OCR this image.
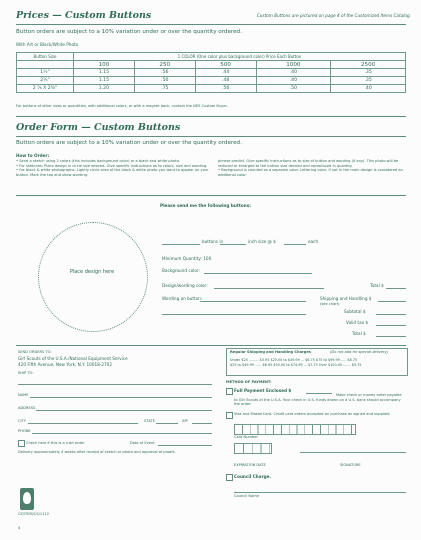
Prices — Custom Buttons	Custom Buttons are pictured on page 4 of the Customized Items Catalog.
Button orders are subject to a 10% variation under or over the quantity ordered.
With Art or Black/White Photo
Button Size	1 COLOR (One color plus background color) Price Each Button				
	100	250	500	1000	2500
1½"	1.15	.56	.44	.40	.35
2¼"	1.15	.50	.48	.40	.35
2 ⅞ X 2⅜"	1.20	.75	.56	.50	.40
For buttons of other sizes or quantities, with additional colors, or with a magnet back, contact the NES Custom Buyer.
Order Form — Custom Buttons
Button orders are subject to a 10% variation under or over the quantity ordered.
How to Order:
• Send a sketch using 2 colors (this includes background color) or a black and white photo.
• For sketches: Place design in circle size desired. Give specific instructions as to colors, size and wording.
• For black & white photographs: Lightly circle area of the black & white photo you want to appear on your button. Mark the top and show wording.
phrase predict. Give specific instructions as to size of button and wording (if any). This photo will be reduced or enlarged to the button size desired and reproduced in quantity.
• Background is counted as a separate color. Lettering color, if not in the main design is considered an additional color.
Please send me the following buttons:
Place design here
buttons in	inch size @ $	each
Minimum Quantity: 100
Background color:
Design/wording color:	Total $
Wording on button:	Shipping and Handling $
(see chart)
Subtotal $
Valid tax $
Total $
SEND ORDERS TO:
Girl Scouts of the U.S.A./National Equipment Service
420 Fifth Avenue, New York, N.Y. 10018-2702
SHIP TO:
NAME
ADDRESS
CITY	STATE	ZIP
PHONE
Check here if this is a rush order	Date of Event
Delivery approximately 4 weeks after receipt of sketch or photo and approval of proofs.
Regular Shipping and Handling Charges	(Do not add for special delivery)
Under $25 ......... $5.95 $25.00 to $49.99 ... $6.75 $75 to $99.99 ..... $8.75
$25 to $49.99 ...... $6.95 $50.00 to $74.99 ... $7.75 Over $100.00 ....... $9.75
METHOD OF PAYMENT:
Full Payment Enclosed $
Make check or money order payable to Girl Scouts of the U.S.A. Your check in U.S. funds drawn on a U.S. bank should accompany the order.
Visa and MasterCard. Credit card orders accepted on purchase as signed and supplied.
Card Number
EXPIRATION DATE	SIGNATURE
Council Charge.
Council Name
CE/ITEM/CS/1112
4
